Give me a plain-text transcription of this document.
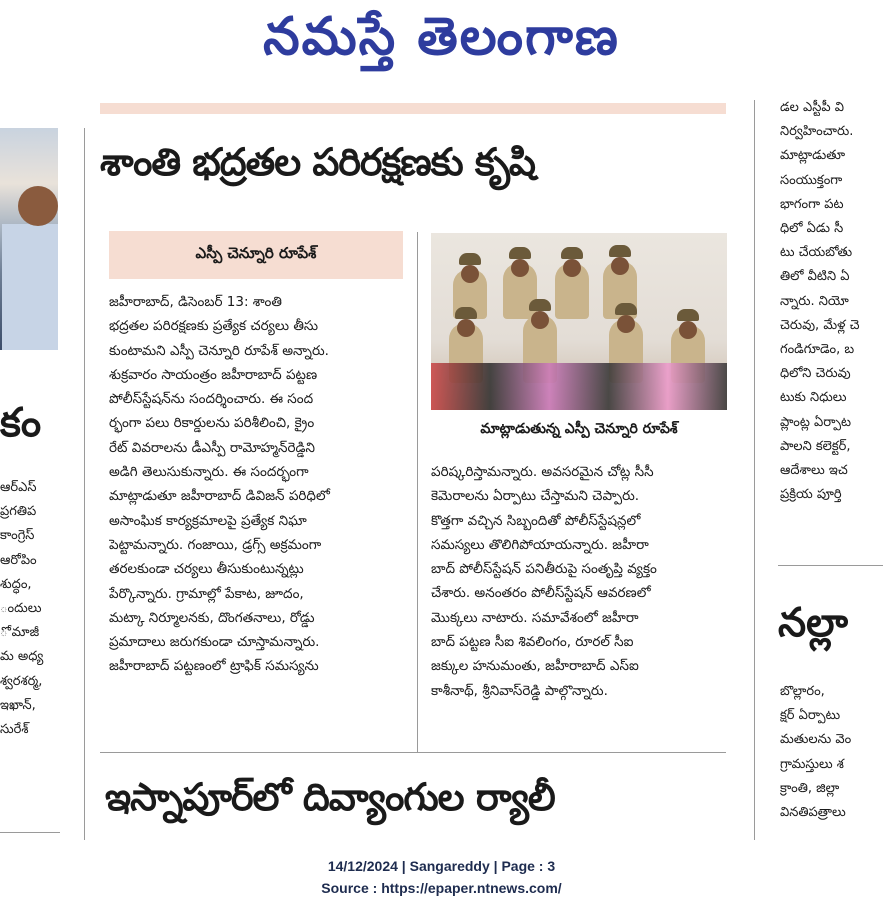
నమస్తే తెలంగాణ
కం
ఆర్ఎస్
ప్రగతిప
కాంగ్రెస్
ఆరోపిం
శుద్ధం,
ందులు
ో మాజీ
మ అధ్య
శ్వరశర్మ,
ఇఖాన్,
సురేశ్
శాంతి భద్రతల పరిరక్షణకు కృషి
ఎస్పీ చెన్నూరి రూపేశ్
జహీరాబాద్, డిసెంబర్ 13: శాంతి
భద్రతల పరిరక్షణకు ప్రత్యేక చర్యలు తీసు
కుంటామని ఎస్పీ చెన్నూరి రూపేశ్ అన్నారు.
శుక్రవారం సాయంత్రం జహీరాబాద్ పట్టణ
పోలీస్‌స్టేషన్‌ను సందర్శించారు. ఈ సంద
ర్భంగా పలు రికార్డులను పరిశీలించి, క్రైం
రేట్ వివరాలను డీఎస్పీ రామోహ్మన్‌రెడ్డిని
అడిగి తెలుసుకున్నారు. ఈ సందర్భంగా
మాట్లాడుతూ జహీరాబాద్ డివిజన్ పరిధిలో
అసాంఘిక కార్యక్రమాలపై ప్రత్యేక నిఘా
పెట్టామన్నారు. గంజాయి, డ్రగ్స్ అక్రమంగా
తరలకుండా చర్యలు తీసుకుంటున్నట్లు
పేర్కొన్నారు. గ్రామాల్లో పేకాట, జూదం,
మట్కా నిర్మూలనకు, దొంగతనాలు, రోడ్డు
ప్రమాదాలు జరుగకుండా చూస్తామన్నారు.
జహీరాబాద్ పట్టణంలో ట్రాఫిక్ సమస్యను
మాట్లాడుతున్న ఎస్పీ చెన్నూరి రూపేశ్
పరిష్కరిస్తామన్నారు. అవసరమైన చోట్ల సీసీ
కెమెరాలను ఏర్పాటు చేస్తామని చెప్పారు.
కొత్తగా వచ్చిన సిబ్బందితో పోలీస్‌స్టేషన్లలో
సమస్యలు తొలిగిపోయాయన్నారు. జహీరా
బాద్ పోలీస్‌స్టేషన్ పనితీరుపై సంతృప్తి వ్యక్తం
చేశారు. అనంతరం పోలీస్‌స్టేషన్ ఆవరణలో
మొక్కలు నాటారు. సమావేశంలో జహీరా
బాద్ పట్టణ సీఐ శివలింగం, రూరల్ సీఐ
జక్కుల హనుమంతు, జహీరాబాద్ ఎస్ఐ
కాశీనాథ్, శ్రీనివాస్‌రెడ్డి పాల్గొన్నారు.
ఇస్నాపూర్‌లో దివ్యాంగుల ర్యాలీ
డల ఎస్టీపీ వి
నిర్వహించారు.
మాట్లాడుతూ
సంయుక్తంగా
భాగంగా పట
ధిలో ఏడు సీ
టు చేయబోతు
తిలో వీటిని ఏ
న్నారు. నియో
చెరువు, మేళ్ల చె
గండిగూడెం, బ
ధిలోని చెరువు
టుకు నిధులు
ప్లాంట్ల ఏర్పాట
పాలని కలెక్టర్,
ఆదేశాలు ఇచ
ప్రక్రియ పూర్తి
నల్లా
బొల్లారం,
క్షర్ ఏర్పాటు
మతులను వెం
గ్రామస్తులు శ
క్రాంతి, జిల్లా
వినతిపత్రాలు
14/12/2024 | Sangareddy | Page : 3
Source : https://epaper.ntnews.com/
